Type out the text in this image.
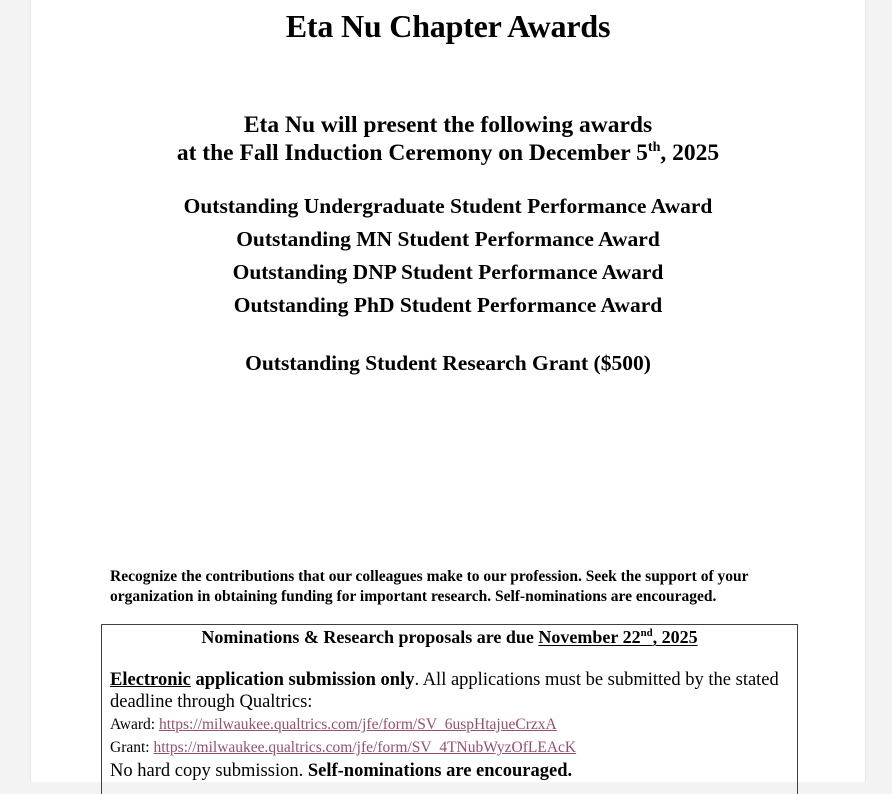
Eta Nu Chapter Awards
Eta Nu will present the following awards
at the Fall Induction Ceremony on December 5th, 2025
Outstanding Undergraduate Student Performance Award
Outstanding MN Student Performance Award
Outstanding DNP Student Performance Award
Outstanding PhD Student Performance Award
Outstanding Student Research Grant ($500)
Recognize the contributions that our colleagues make to our profession. Seek the support of your
organization in obtaining funding for important research. Self-nominations are encouraged.
Nominations & Research proposals are due November 22nd, 2025
Electronic application submission only. All applications must be submitted by the stated deadline through Qualtrics:
Award: https://milwaukee.qualtrics.com/jfe/form/SV_6uspHtajueCrzxA
Grant: https://milwaukee.qualtrics.com/jfe/form/SV_4TNubWyzOfLEAcK
No hard copy submission. Self-nominations are encouraged.
